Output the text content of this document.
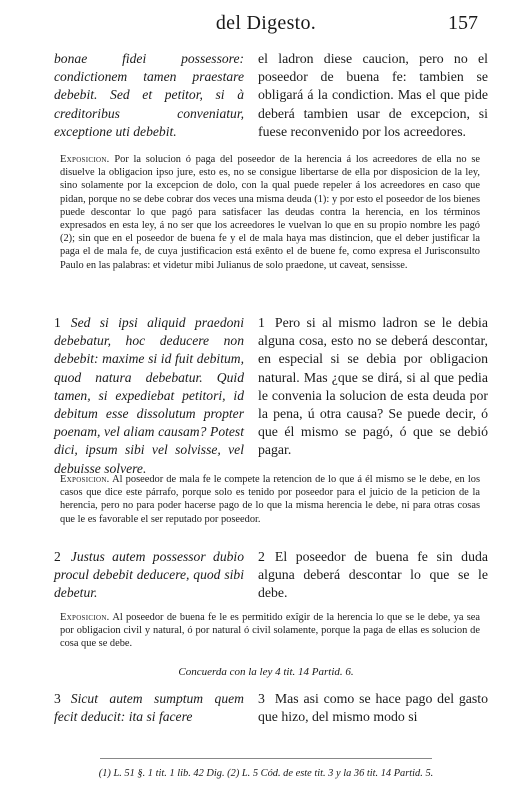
del Digesto.	157
bonae fidei possessore: condictionem tamen praestare debebit. Sed et petitor, si à creditoribus conveniatur, exceptione uti debebit.
el ladron diese caucion, pero no el poseedor de buena fe: tambien se obligará á la condiction. Mas el que pide deberá tambien usar de excepcion, si fuese reconvenido por los acreedores.
Exposicion. Por la solucion ó paga del poseedor de la herencia á los acreedores de ella no se disuelve la obligacion ipso jure, esto es, no se consigue libertarse de ella por disposicion de la ley, sino solamente por la excepcion de dolo, con la qual puede repeler á los acreedores en caso que pidan, porque no se debe cobrar dos veces una misma deuda (1): y por esto el poseedor de los bienes puede descontar lo que pagó para satisfacer las deudas contra la herencia, en los términos expresados en esta ley, á no ser que los acreedores le vuelvan lo que en su propio nombre les pagó (2); sin que en el poseedor de buena fe y el de mala haya mas distincion, que el deber justificar la paga el de mala fe, de cuya justificacion está exênto el de buene fe, como expresa el Jurisconsulto Paulo en las palabras: et videtur mibi Julianus de solo praedone, ut caveat, sensisse.
1 Sed si ipsi aliquid praedoni debebatur, hoc deducere non debebit: maxime si id fuit debitum, quod natura debebatur. Quid tamen, si expediebat petitori, id debitum esse dissolutum propter poenam, vel aliam causam? Potest dici, ipsum sibi vel solvisse, vel debuisse solvere.
1 Pero si al mismo ladron se le debia alguna cosa, esto no se deberá descontar, en especial si se debia por obligacion natural. Mas ¿que se dirá, si al que pedia le convenia la solucion de esta deuda por la pena, ú otra causa? Se puede decir, ó que él mismo se pagó, ó que se debió pagar.
Exposicion. Al poseedor de mala fe le compete la retencion de lo que á él mismo se le debe, en los casos que dice este párrafo, porque solo es tenido por poseedor para el juicio de la peticion de la herencia, pero no para poder hacerse pago de lo que la misma herencia le debe, ni para otras cosas que le es favorable el ser reputado por poseedor.
2 Justus autem possessor dubio procul debebit deducere, quod sibi debetur.
2 El poseedor de buena fe sin duda alguna deberá descontar lo que se le debe.
Exposicion. Al poseedor de buena fe le es permitido exîgir de la herencia lo que se le debe, ya sea por obligacion civil y natural, ó por natural ó civil solamente, porque la paga de ellas es solucion de cosa que se debe.
Concuerda con la ley 4 tit. 14 Partid. 6.
3 Sicut autem sumptum quem fecit deducit: ita si facere
3 Mas asi como se hace pago del gasto que hizo, del mismo modo si
(1) L. 51 §. 1 tit. 1 lib. 42 Dig. (2) L. 5 Cód. de este tit. 3 y la 36 tit. 14 Partid. 5.
